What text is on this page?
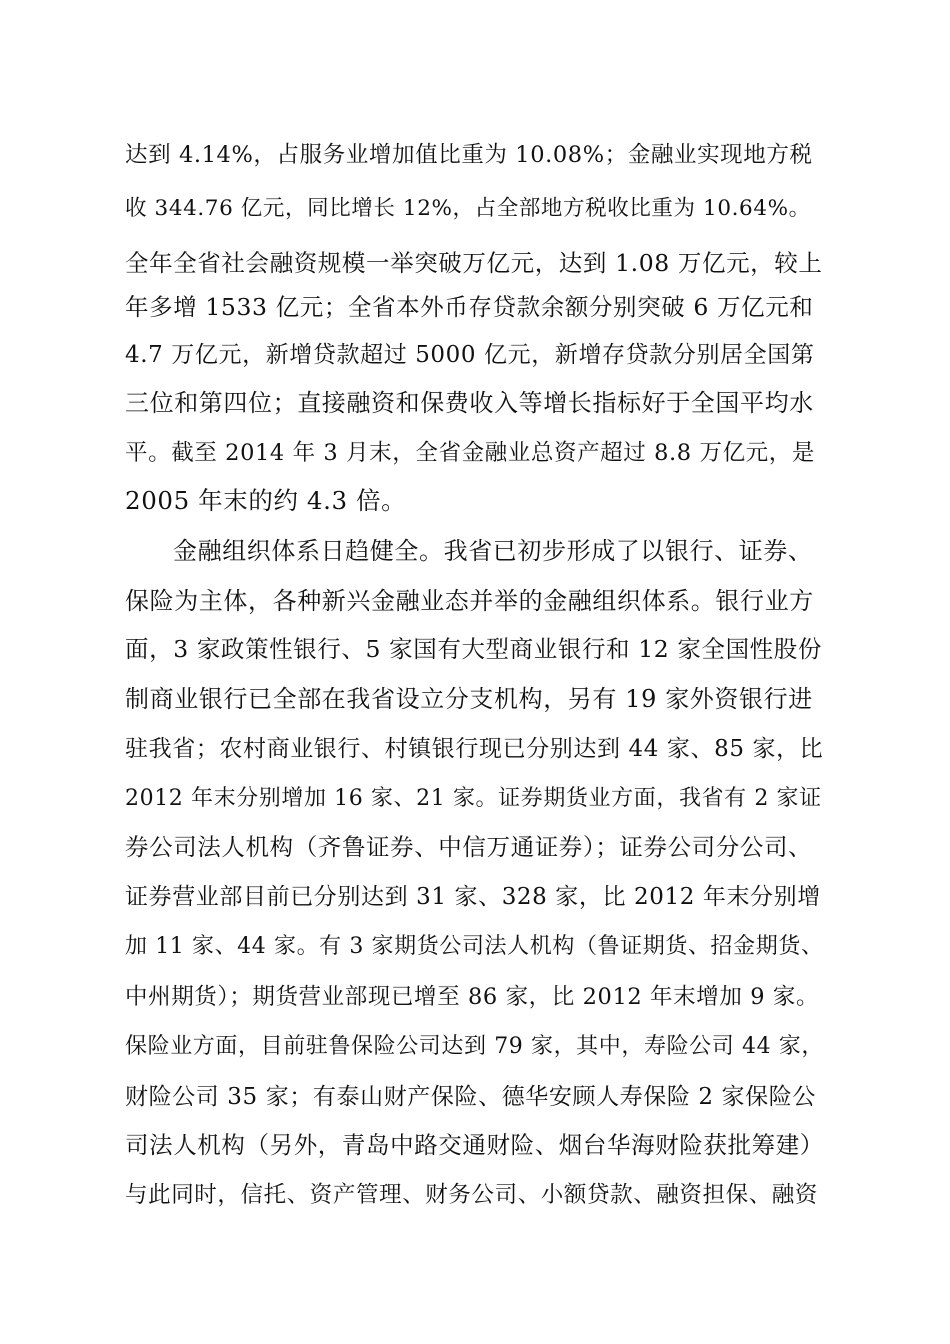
达到 4.14%，占服务业增加值比重为 10.08%；金融业实现地方税
收 344.76 亿元，同比增长 12%，占全部地方税收比重为 10.64%。
全年全省社会融资规模一举突破万亿元，达到 1.08 万亿元，较上
年多增 1533 亿元；全省本外币存贷款余额分别突破 6 万亿元和
4.7 万亿元，新增贷款超过 5000 亿元，新增存贷款分别居全国第
三位和第四位；直接融资和保费收入等增长指标好于全国平均水
平。截至 2014 年 3 月末，全省金融业总资产超过 8.8 万亿元，是
2005 年末的约 4.3 倍。
金融组织体系日趋健全。我省已初步形成了以银行、证券、
保险为主体，各种新兴金融业态并举的金融组织体系。银行业方
面，3 家政策性银行、5 家国有大型商业银行和 12 家全国性股份
制商业银行已全部在我省设立分支机构，另有 19 家外资银行进
驻我省；农村商业银行、村镇银行现已分别达到 44 家、85 家，比
2012 年末分别增加 16 家、21 家。证券期货业方面，我省有 2 家证
券公司法人机构（齐鲁证券、中信万通证券）；证券公司分公司、
证券营业部目前已分别达到 31 家、328 家，比 2012 年末分别增
加 11 家、44 家。有 3 家期货公司法人机构（鲁证期货、招金期货、
中州期货）；期货营业部现已增至 86 家，比 2012 年末增加 9 家。
保险业方面，目前驻鲁保险公司达到 79 家，其中，寿险公司 44 家，
财险公司 35 家；有泰山财产保险、德华安顾人寿保险 2 家保险公
司法人机构（另外，青岛中路交通财险、烟台华海财险获批筹建）
与此同时，信托、资产管理、财务公司、小额贷款、融资担保、融资
